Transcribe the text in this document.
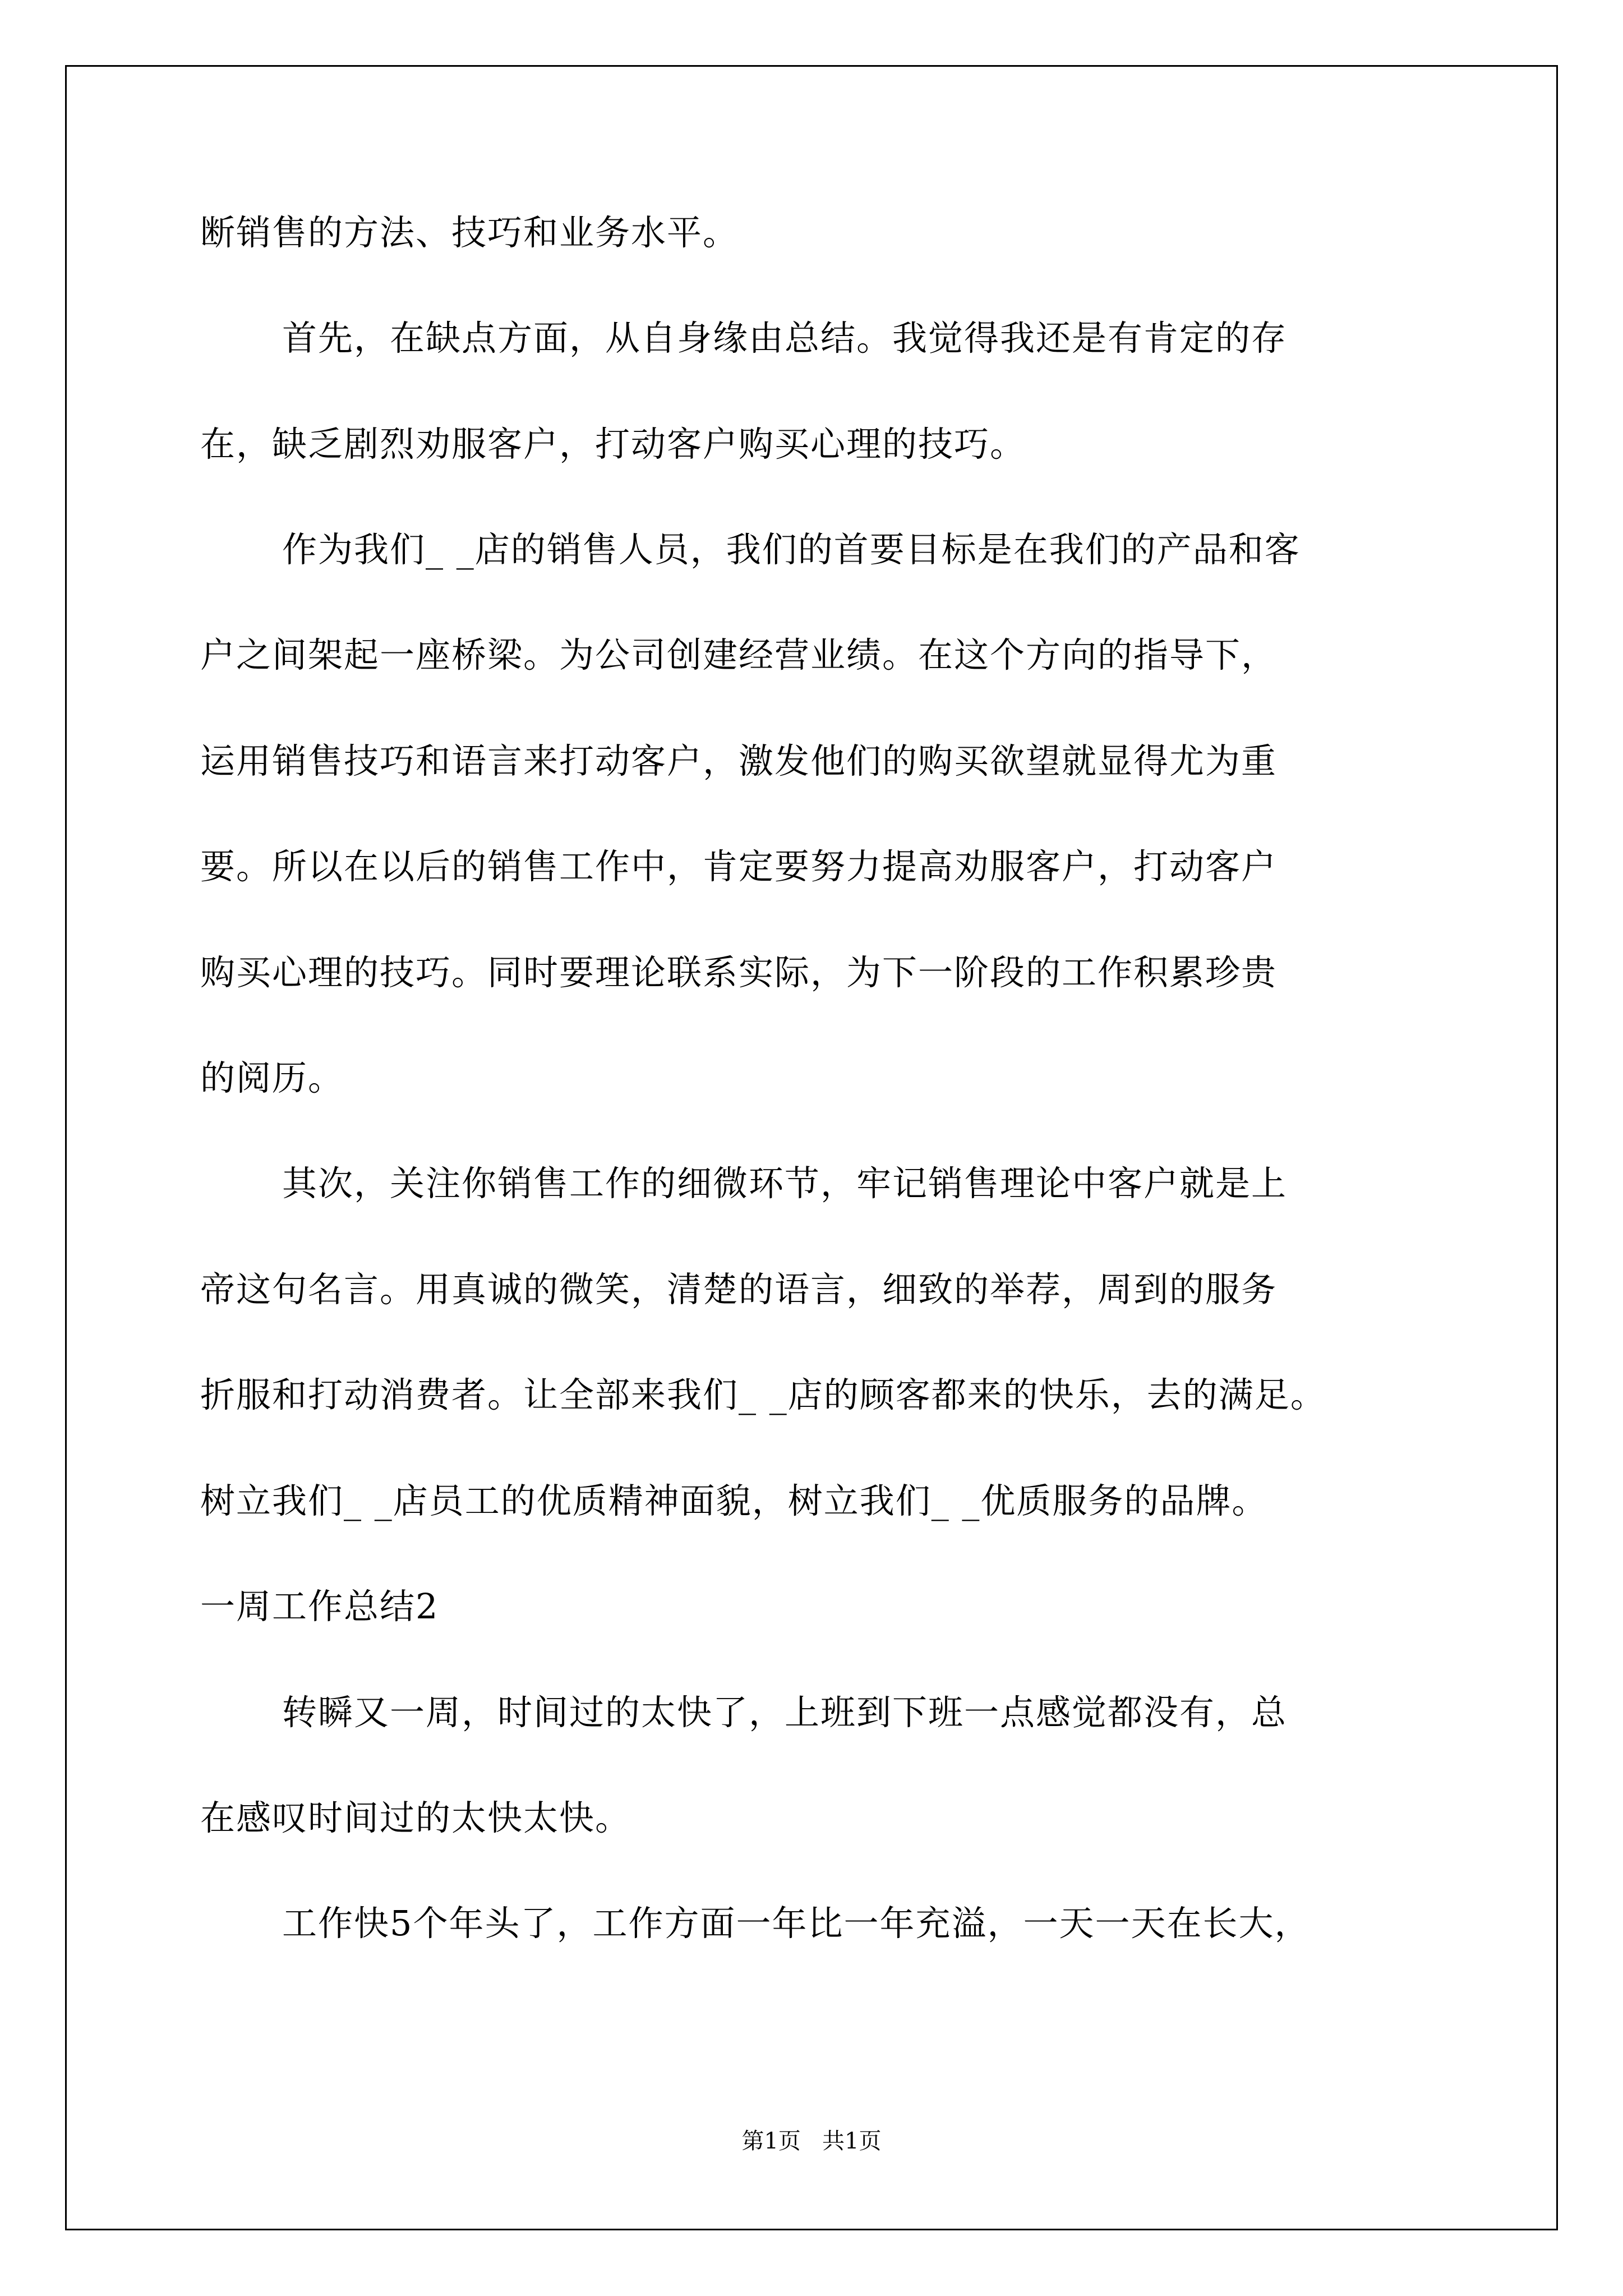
断销售的方法、技巧和业务水平。
首先，在缺点方面，从自身缘由总结。我觉得我还是有肯定的存
在，缺乏剧烈劝服客户，打动客户购买心理的技巧。
作为我们_ _店的销售人员，我们的首要目标是在我们的产品和客
户之间架起一座桥梁。为公司创建经营业绩。在这个方向的指导下，
运用销售技巧和语言来打动客户，激发他们的购买欲望就显得尤为重
要。所以在以后的销售工作中，肯定要努力提高劝服客户，打动客户
购买心理的技巧。同时要理论联系实际，为下一阶段的工作积累珍贵
的阅历。
其次，关注你销售工作的细微环节，牢记销售理论中客户就是上
帝这句名言。用真诚的微笑，清楚的语言，细致的举荐，周到的服务
折服和打动消费者。让全部来我们_ _店的顾客都来的快乐，去的满足。
树立我们_ _店员工的优质精神面貌，树立我们_ _优质服务的品牌。
一周工作总结2
转瞬又一周，时间过的太快了，上班到下班一点感觉都没有，总
在感叹时间过的太快太快。
工作快5个年头了，工作方面一年比一年充溢，一天一天在长大，
第1页   共1页
